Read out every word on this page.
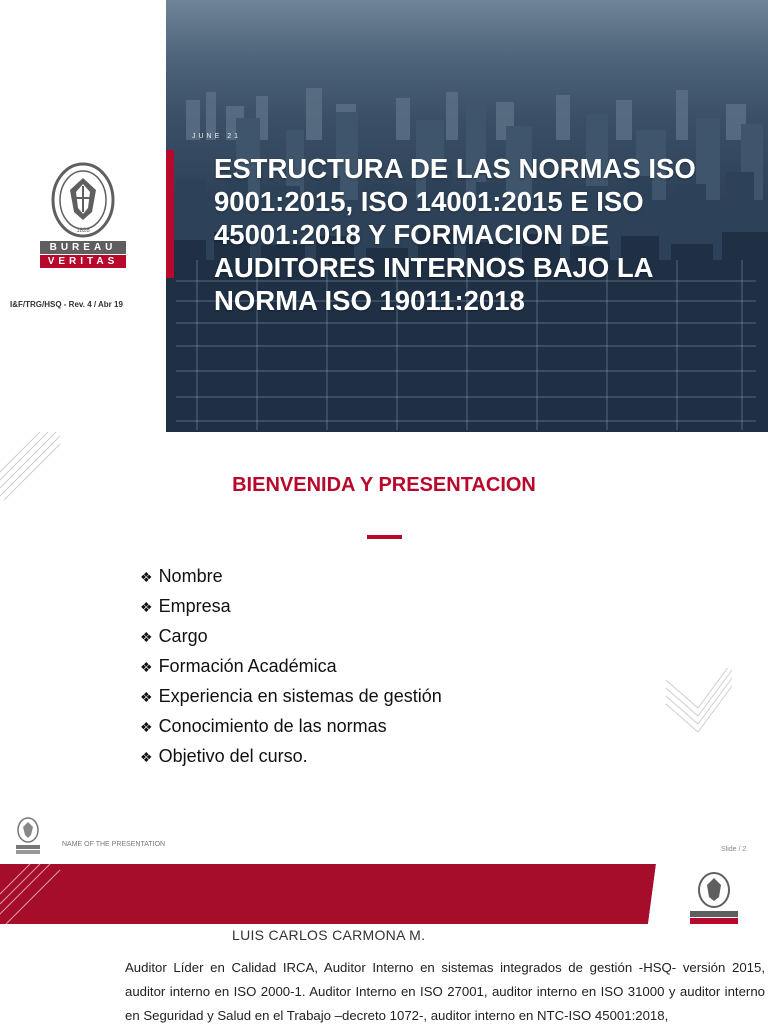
JUNE 21
ESTRUCTURA DE LAS NORMAS ISO 9001:2015, ISO 14001:2015 E ISO 45001:2018 Y FORMACION DE AUDITORES INTERNOS BAJO LA NORMA ISO 19011:2018
1828
BUREAU
VERITAS
I&F/TRG/HSQ - Rev. 4 / Abr 19
BIENVENIDA Y PRESENTACION
❖ Nombre
❖ Empresa
❖ Cargo
❖ Formación Académica
❖ Experiencia en sistemas de gestión
❖ Conocimiento de las normas
❖ Objetivo del curso.
NAME OF THE PRESENTATION
Slide / 2
LUIS CARLOS CARMONA M.
Auditor Líder en Calidad IRCA, Auditor Interno en sistemas integrados de gestión -HSQ- versión 2015, auditor interno en ISO 2000-1. Auditor Interno en ISO 27001, auditor interno en ISO 31000 y auditor interno en Seguridad y Salud en el Trabajo –decreto 1072-, auditor interno en NTC-ISO 45001:2018,
